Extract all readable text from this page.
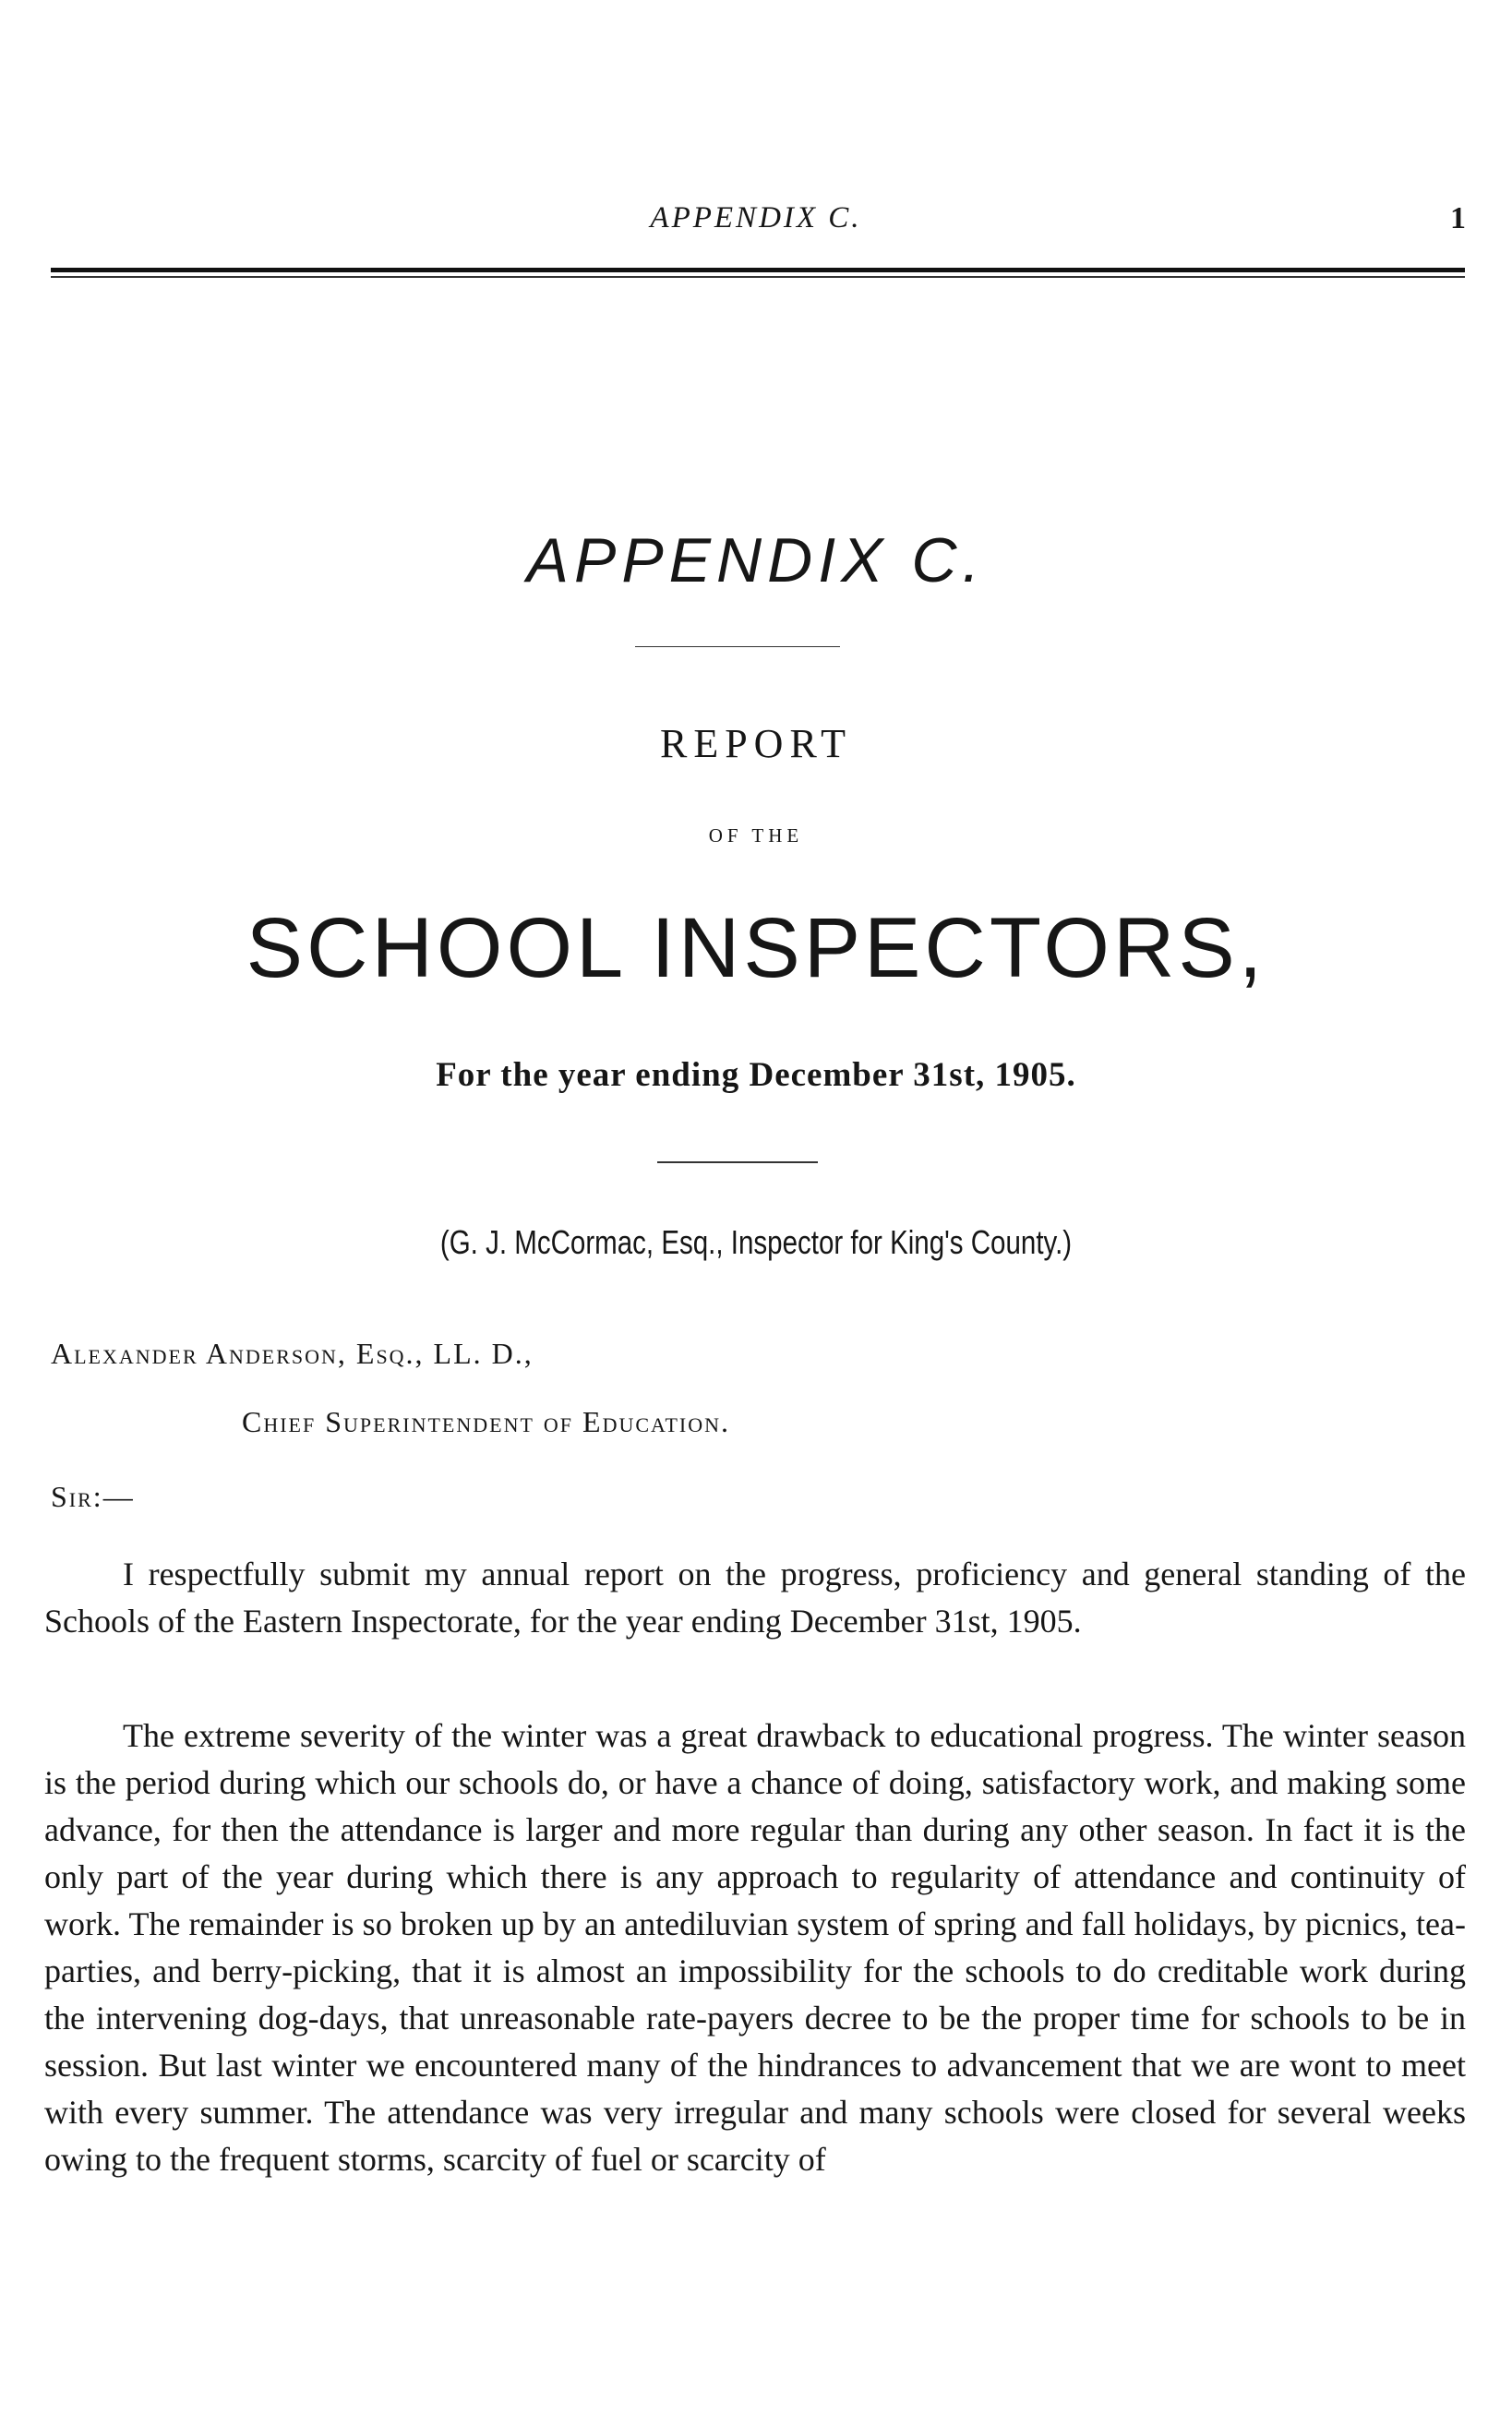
APPENDIX C.	1
APPENDIX C.
REPORT
OF THE
SCHOOL INSPECTORS,
For the year ending December 31st, 1905.
(G. J. McCormac, Esq., Inspector for King's County.)
Alexander Anderson, Esq., LL. D.,
Chief Superintendent of Education.
Sir:—

I respectfully submit my annual report on the progress, proficiency and general standing of the Schools of the Eastern Inspectorate, for the year ending December 31st, 1905.

The extreme severity of the winter was a great drawback to educational progress. The winter season is the period during which our schools do, or have a chance of doing, satisfactory work, and making some advance, for then the attendance is larger and more regular than during any other season. In fact it is the only part of the year during which there is any approach to regularity of attendance and continuity of work. The remainder is so broken up by an antediluvian system of spring and fall holidays, by picnics, tea-parties, and berry-picking, that it is almost an impossibility for the schools to do creditable work during the intervening dog-days, that unreasonable rate-payers decree to be the proper time for schools to be in session. But last winter we encountered many of the hindrances to advancement that we are wont to meet with every summer. The attendance was very irregular and many schools were closed for several weeks owing to the frequent storms, scarcity of fuel or scarcity of
